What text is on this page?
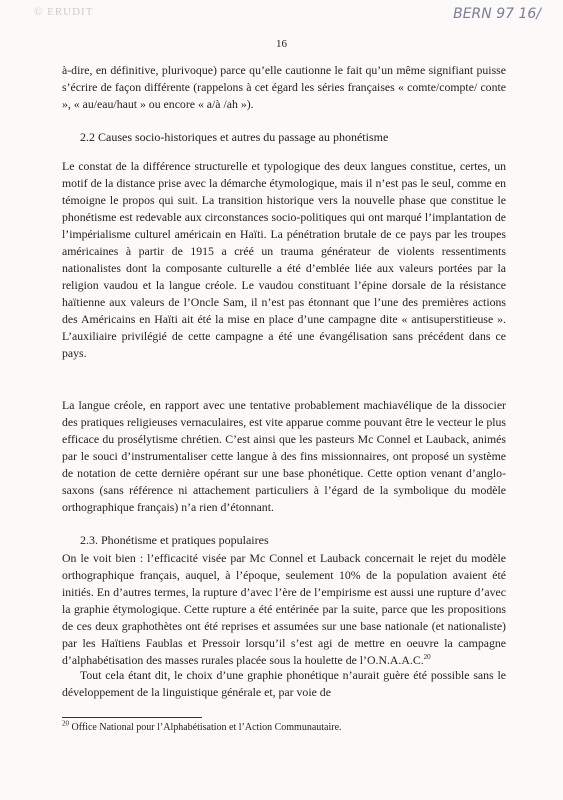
© ERUDIT	BERN 97 16/
16

à-dire, en définitive, plurivoque) parce qu’elle cautionne le fait qu’un même signifiant puisse s’écrire de façon différente (rappelons à cet égard les séries françaises « comte/compte/ conte », « au/eau/haut » ou encore « a/à /ah »).

2.2 Causes socio-historiques et autres du passage au phonétisme

Le constat de la différence structurelle et typologique des deux langues constitue, certes, un motif de la distance prise avec la démarche étymologique, mais il n’est pas le seul, comme en témoigne le propos qui suit. La transition historique vers la nouvelle phase que constitue le phonétisme est redevable aux circonstances socio-politiques qui ont marqué l’implantation de l’impérialisme culturel américain en Haïti. La pénétration brutale de ce pays par les troupes américaines à partir de 1915 a créé un trauma générateur de violents ressentiments nationalistes dont la composante culturelle a été d’emblée liée aux valeurs portées par la religion vaudou et la langue créole. Le vaudou constituant l’épine dorsale de la résistance haïtienne aux valeurs de l’Oncle Sam, il n’est pas étonnant que l’une des premières actions des Américains en Haïti ait été la mise en place d’une campagne dite « antisuperstitieuse ». L’auxiliaire privilégié de cette campagne a été une évangélisation sans précédent dans ce pays.

La langue créole, en rapport avec une tentative probablement machiavélique de la dissocier des pratiques religieuses vernaculaires, est vite apparue comme pouvant être le vecteur le plus efficace du prosélytisme chrétien. C’est ainsi que les pasteurs Mc Connel et Lauback, animés par le souci d’instrumentaliser cette langue à des fins missionnaires, ont proposé un système de notation de cette dernière opérant sur une base phonétique. Cette option venant d’anglo-saxons (sans référence ni attachement particuliers à l’égard de la symbolique du modèle orthographique français) n’a rien d’étonnant.

2.3. Phonétisme et pratiques populaires

On le voit bien : l’efficacité visée par Mc Connel et Lauback concernait le rejet du modèle orthographique français, auquel, à l’époque, seulement 10% de la population avaient été initiés. En d’autres termes, la rupture d’avec l’ère de l’empirisme est aussi une rupture d’avec la graphie étymologique. Cette rupture a été entérinée par la suite, parce que les propositions de ces deux graphothètes ont été reprises et assumées sur une base nationale (et nationaliste) par les Haïtiens Faublas et Pressoir lorsqu’il s’est agi de mettre en oeuvre la campagne d’alphabétisation des masses rurales placée sous la houlette de l’O.N.A.A.C.$^{20}$

Tout cela étant dit, le choix d’une graphie phonétique n’aurait guère été possible sans le développement de la linguistique générale et, par voie de

$^{20}$ Office National pour l’Alphabétisation et l’Action Communautaire.
